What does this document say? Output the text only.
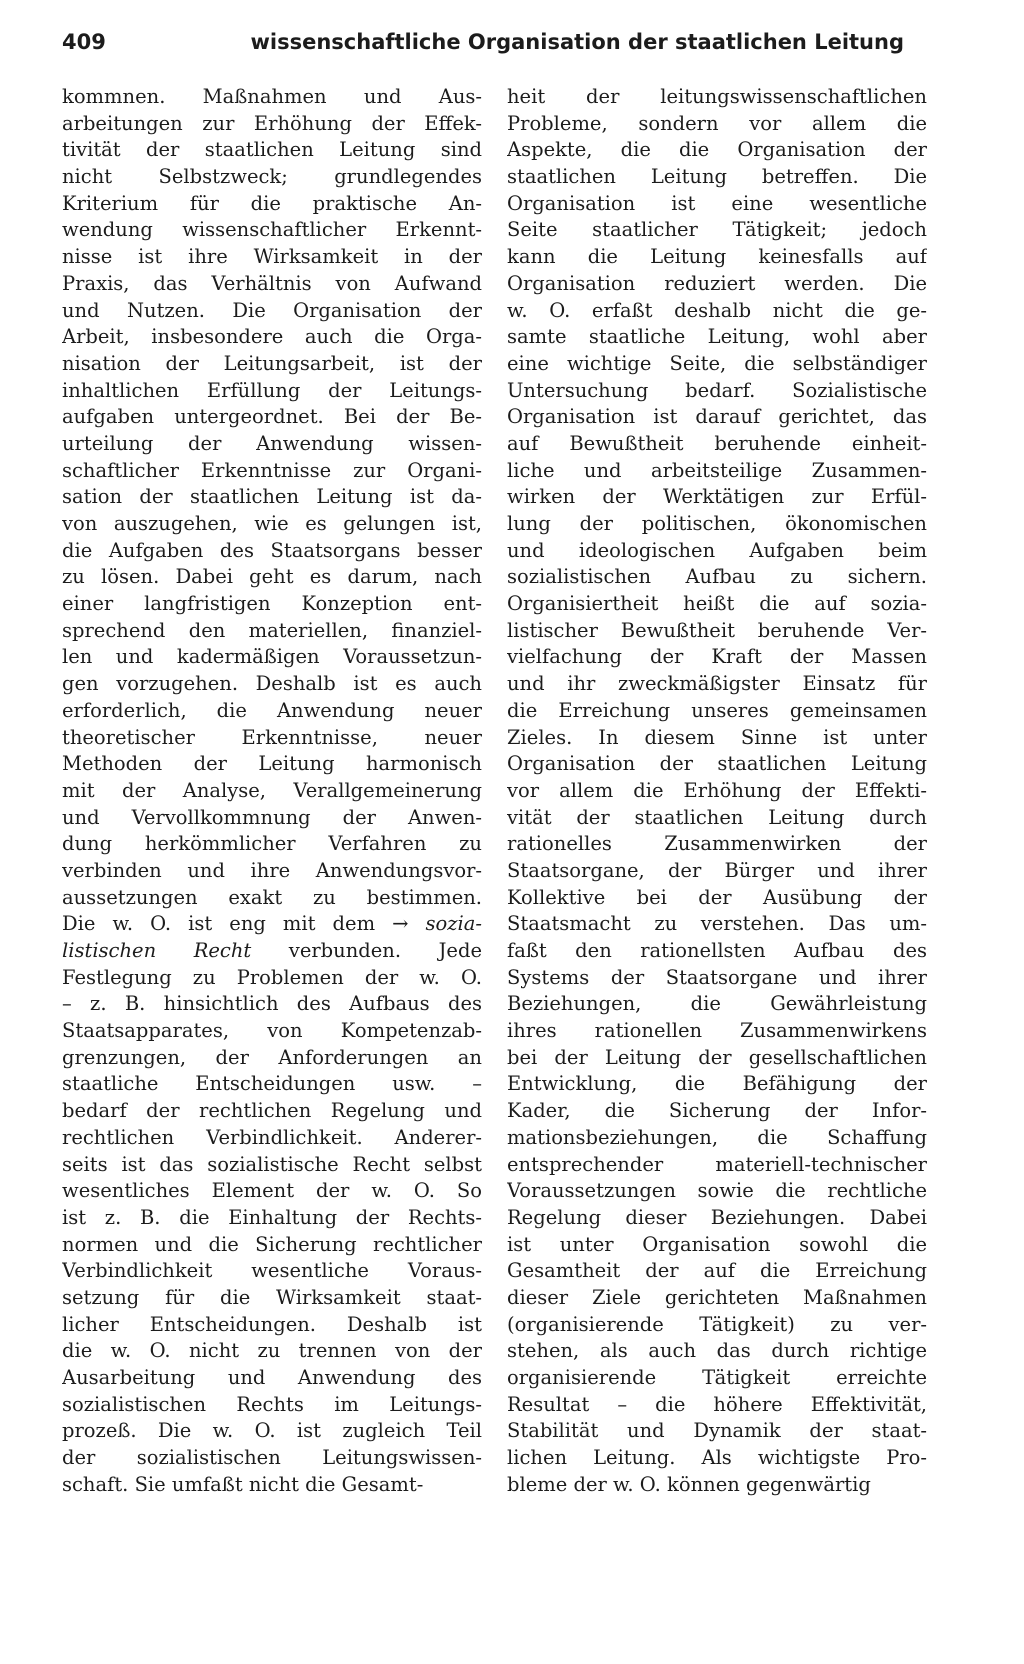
409	wissenschaftliche Organisation der staatlichen Leitung
kommnen. Maßnahmen und Aus-
arbeitungen zur Erhöhung der Effek-
tivität der staatlichen Leitung sind
nicht Selbstzweck; grundlegendes
Kriterium für die praktische An-
wendung wissenschaftlicher Erkennt-
nisse ist ihre Wirksamkeit in der
Praxis, das Verhältnis von Aufwand
und Nutzen. Die Organisation der
Arbeit, insbesondere auch die Orga-
nisation der Leitungsarbeit, ist der
inhaltlichen Erfüllung der Leitungs-
aufgaben untergeordnet. Bei der Be-
urteilung der Anwendung wissen-
schaftlicher Erkenntnisse zur Organi-
sation der staatlichen Leitung ist da-
von auszugehen, wie es gelungen ist,
die Aufgaben des Staatsorgans besser
zu lösen. Dabei geht es darum, nach
einer langfristigen Konzeption ent-
sprechend den materiellen, finanziel-
len und kadermäßigen Voraussetzun-
gen vorzugehen. Deshalb ist es auch
erforderlich, die Anwendung neuer
theoretischer Erkenntnisse, neuer
Methoden der Leitung harmonisch
mit der Analyse, Verallgemeinerung
und Vervollkommnung der Anwen-
dung herkömmlicher Verfahren zu
verbinden und ihre Anwendungsvor-
aussetzungen exakt zu bestimmen.
Die w. O. ist eng mit dem → sozia-
listischen Recht verbunden. Jede
Festlegung zu Problemen der w. O.
– z. B. hinsichtlich des Aufbaus des
Staatsapparates, von Kompetenzab-
grenzungen, der Anforderungen an
staatliche Entscheidungen usw. –
bedarf der rechtlichen Regelung und
rechtlichen Verbindlichkeit. Anderer-
seits ist das sozialistische Recht selbst
wesentliches Element der w. O. So
ist z. B. die Einhaltung der Rechts-
normen und die Sicherung rechtlicher
Verbindlichkeit wesentliche Voraus-
setzung für die Wirksamkeit staat-
licher Entscheidungen. Deshalb ist
die w. O. nicht zu trennen von der
Ausarbeitung und Anwendung des
sozialistischen Rechts im Leitungs-
prozeß. Die w. O. ist zugleich Teil
der sozialistischen Leitungswissen-
schaft. Sie umfaßt nicht die Gesamt-
heit der leitungswissenschaftlichen
Probleme, sondern vor allem die
Aspekte, die die Organisation der
staatlichen Leitung betreffen. Die
Organisation ist eine wesentliche
Seite staatlicher Tätigkeit; jedoch
kann die Leitung keinesfalls auf
Organisation reduziert werden. Die
w. O. erfaßt deshalb nicht die ge-
samte staatliche Leitung, wohl aber
eine wichtige Seite, die selbständiger
Untersuchung bedarf. Sozialistische
Organisation ist darauf gerichtet, das
auf Bewußtheit beruhende einheit-
liche und arbeitsteilige Zusammen-
wirken der Werktätigen zur Erfül-
lung der politischen, ökonomischen
und ideologischen Aufgaben beim
sozialistischen Aufbau zu sichern.
Organisiertheit heißt die auf sozia-
listischer Bewußtheit beruhende Ver-
vielfachung der Kraft der Massen
und ihr zweckmäßigster Einsatz für
die Erreichung unseres gemeinsamen
Zieles. In diesem Sinne ist unter
Organisation der staatlichen Leitung
vor allem die Erhöhung der Effekti-
vität der staatlichen Leitung durch
rationelles Zusammenwirken der
Staatsorgane, der Bürger und ihrer
Kollektive bei der Ausübung der
Staatsmacht zu verstehen. Das um-
faßt den rationellsten Aufbau des
Systems der Staatsorgane und ihrer
Beziehungen, die Gewährleistung
ihres rationellen Zusammenwirkens
bei der Leitung der gesellschaftlichen
Entwicklung, die Befähigung der
Kader, die Sicherung der Infor-
mationsbeziehungen, die Schaffung
entsprechender materiell-technischer
Voraussetzungen sowie die rechtliche
Regelung dieser Beziehungen. Dabei
ist unter Organisation sowohl die
Gesamtheit der auf die Erreichung
dieser Ziele gerichteten Maßnahmen
(organisierende Tätigkeit) zu ver-
stehen, als auch das durch richtige
organisierende Tätigkeit erreichte
Resultat – die höhere Effektivität,
Stabilität und Dynamik der staat-
lichen Leitung. Als wichtigste Pro-
bleme der w. O. können gegenwärtig
